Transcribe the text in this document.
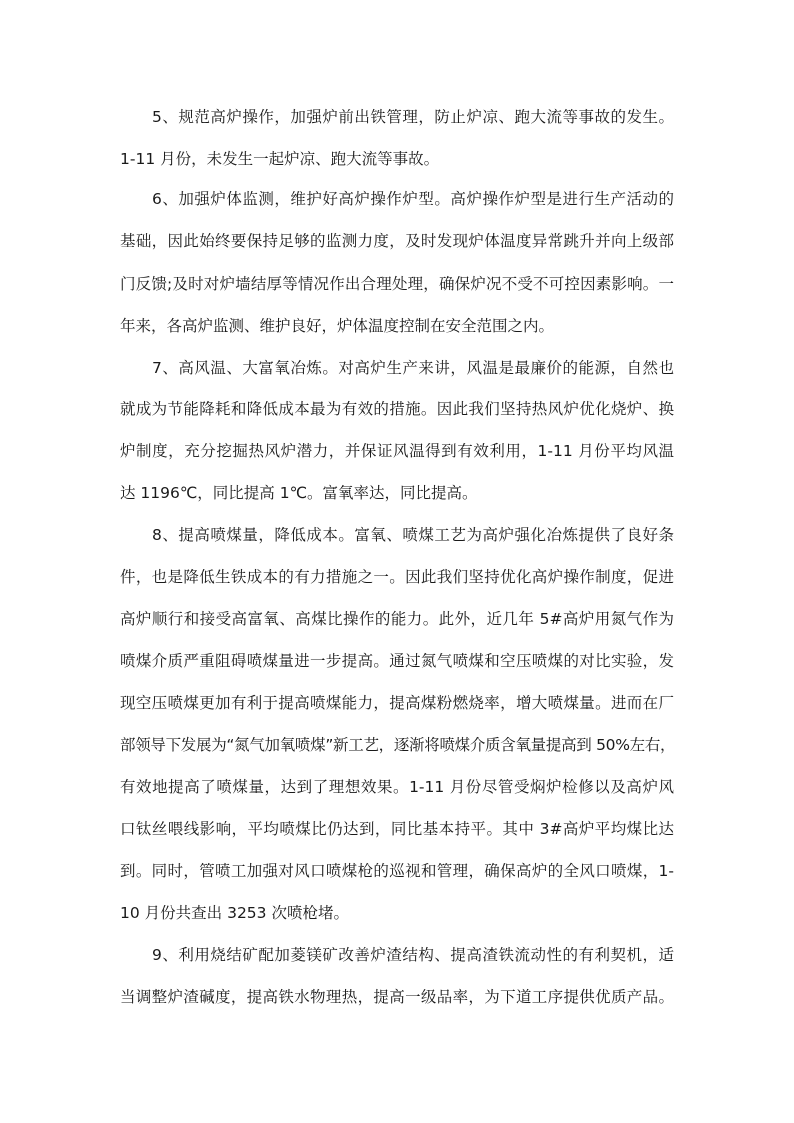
5、规范高炉操作，加强炉前出铁管理，防止炉凉、跑大流等事故的发生。
1-11 月份，未发生一起炉凉、跑大流等事故。
6、加强炉体监测，维护好高炉操作炉型。高炉操作炉型是进行生产活动的
基础，因此始终要保持足够的监测力度，及时发现炉体温度异常跳升并向上级部
门反馈;及时对炉墙结厚等情况作出合理处理，确保炉况不受不可控因素影响。一
年来，各高炉监测、维护良好，炉体温度控制在安全范围之内。
7、高风温、大富氧冶炼。对高炉生产来讲，风温是最廉价的能源，自然也
就成为节能降耗和降低成本最为有效的措施。因此我们坚持热风炉优化烧炉、换
炉制度，充分挖掘热风炉潜力，并保证风温得到有效利用，1-11 月份平均风温
达 1196℃，同比提高 1℃。富氧率达，同比提高。
8、提高喷煤量，降低成本。富氧、喷煤工艺为高炉强化冶炼提供了良好条
件，也是降低生铁成本的有力措施之一。因此我们坚持优化高炉操作制度，促进
高炉顺行和接受高富氧、高煤比操作的能力。此外，近几年 5#高炉用氮气作为
喷煤介质严重阻碍喷煤量进一步提高。通过氮气喷煤和空压喷煤的对比实验，发
现空压喷煤更加有利于提高喷煤能力，提高煤粉燃烧率，增大喷煤量。进而在厂
部领导下发展为“氮气加氧喷煤”新工艺，逐渐将喷煤介质含氧量提高到 50%左右，
有效地提高了喷煤量，达到了理想效果。1-11 月份尽管受焖炉检修以及高炉风
口钛丝喂线影响，平均喷煤比仍达到，同比基本持平。其中 3#高炉平均煤比达
到。同时，管喷工加强对风口喷煤枪的巡视和管理，确保高炉的全风口喷煤，1-
10 月份共查出 3253 次喷枪堵。
9、利用烧结矿配加菱镁矿改善炉渣结构、提高渣铁流动性的有利契机，适
当调整炉渣碱度，提高铁水物理热，提高一级品率，为下道工序提供优质产品。
